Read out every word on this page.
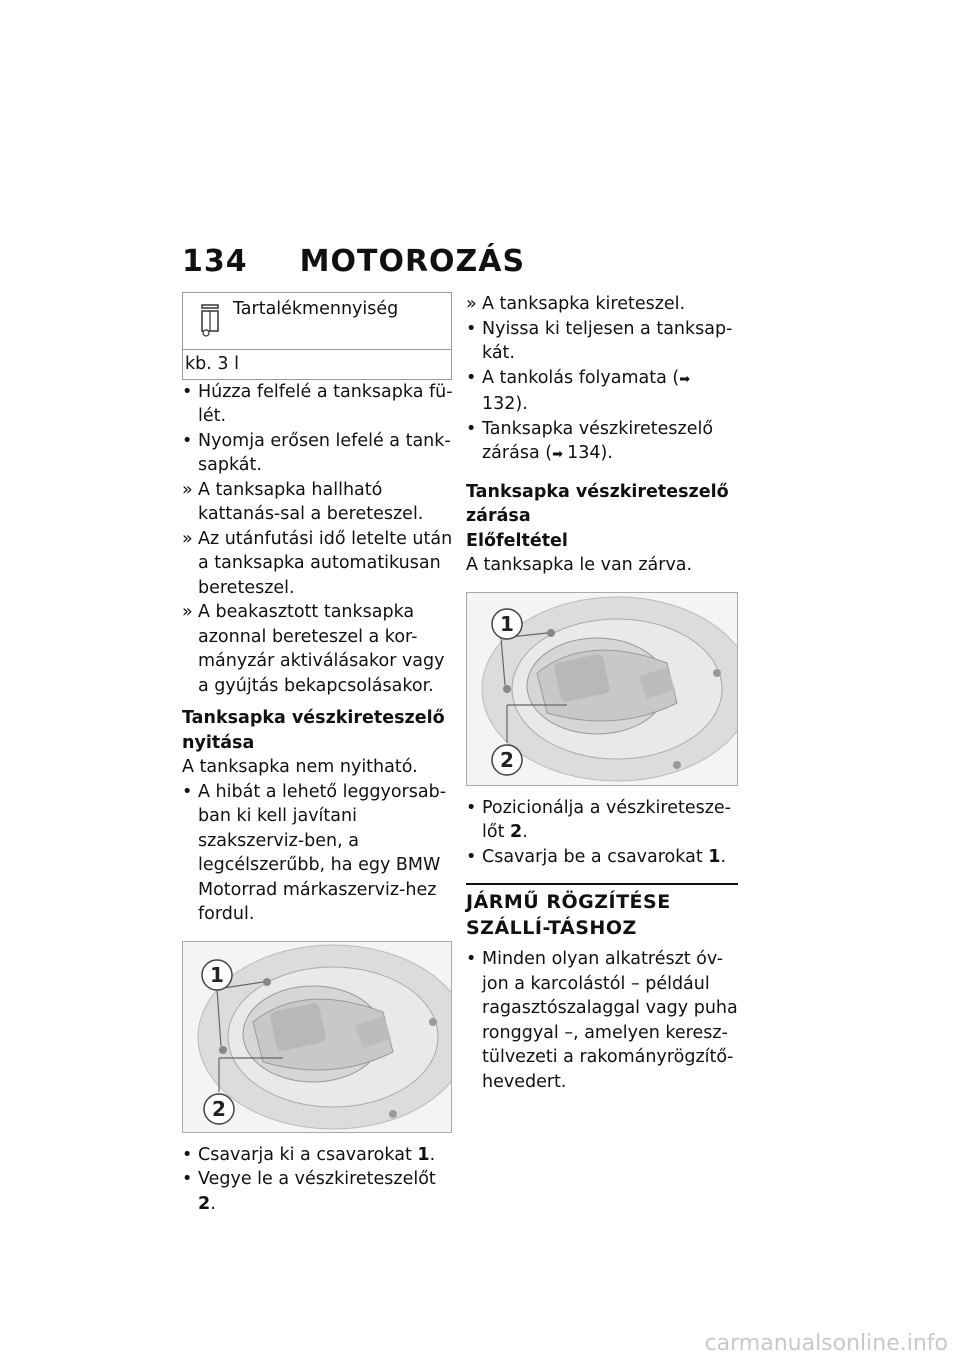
134 MOTOROZÁS
Tartalékmennyiség
kb. 3 l
• Húzza felfelé a tanksapka fü-lét.
• Nyomja erősen lefelé a tank-sapkát.
» A tanksapka hallható kattanás-sal a bereteszel.
» Az utánfutási idő letelte után a tanksapka automatikusan bereteszel.
» A beakasztott tanksapka azonnal bereteszel a kor-mányzár aktiválásakor vagy a gyújtás bekapcsolásakor.
Tanksapka vészkireteszelő nyitása
A tanksapka nem nyitható.
• A hibát a lehető leggyorsab-ban ki kell javítani szakszerviz-ben, a legcélszerűbb, ha egy BMW Motorrad márkaszerviz-hez fordul.
1
2
• Csavarja ki a csavarokat 1.
• Vegye le a vészkireteszelőt 2.
» A tanksapka kireteszel.
• Nyissa ki teljesen a tanksap-kát.
• A tankolás folyamata (➡ 132).
• Tanksapka vészkireteszelő zárása (➡ 134).
Tanksapka vészkireteszelő zárása
Előfeltétel
A tanksapka le van zárva.
1
2
• Pozicionálja a vészkiretesze-lőt 2.
• Csavarja be a csavarokat 1.
JÁRMŰ RÖGZÍTÉSE SZÁLLÍ-TÁSHOZ
• Minden olyan alkatrészt óv-jon a karcolástól – például ragasztószalaggal vagy puha ronggyal –, amelyen keresz-tülvezeti a rakományrögzítő-hevedert.
carmanualsonline.info
